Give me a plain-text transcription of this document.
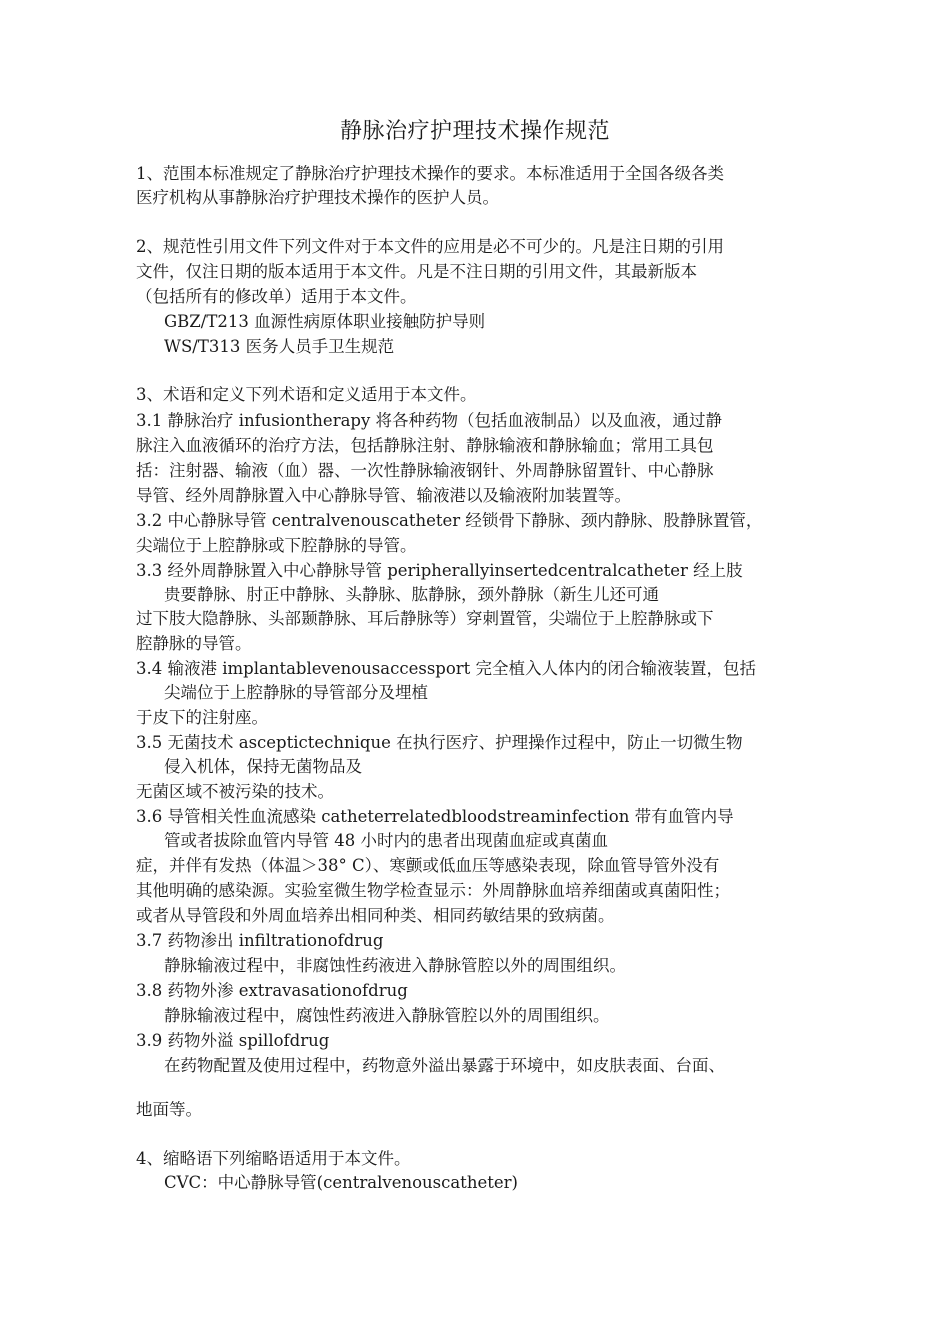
静脉治疗护理技术操作规范
1、范围本标准规定了静脉治疗护理技术操作的要求。本标准适用于全国各级各类
医疗机构从事静脉治疗护理技术操作的医护人员。
2、规范性引用文件下列文件对于本文件的应用是必不可少的。凡是注日期的引用
文件，仅注日期的版本适用于本文件。凡是不注日期的引用文件，其最新版本
（包括所有的修改单）适用于本文件。
GBZ/T213 血源性病原体职业接触防护导则
WS/T313 医务人员手卫生规范
3、术语和定义下列术语和定义适用于本文件。
3.1 静脉治疗 infusiontherapy 将各种药物（包括血液制品）以及血液，通过静
脉注入血液循环的治疗方法，包括静脉注射、静脉输液和静脉输血；常用工具包
括：注射器、输液（血）器、一次性静脉输液钢针、外周静脉留置针、中心静脉
导管、经外周静脉置入中心静脉导管、输液港以及输液附加装置等。
3.2 中心静脉导管 centralvenouscatheter 经锁骨下静脉、颈内静脉、股静脉置管，
尖端位于上腔静脉或下腔静脉的导管。
3.3 经外周静脉置入中心静脉导管 peripherallyinsertedcentralcatheter 经上肢
贵要静脉、肘正中静脉、头静脉、肱静脉，颈外静脉（新生儿还可通
过下肢大隐静脉、头部颞静脉、耳后静脉等）穿刺置管，尖端位于上腔静脉或下
腔静脉的导管。
3.4 输液港 implantablevenousaccessport 完全植入人体内的闭合输液装置，包括
尖端位于上腔静脉的导管部分及埋植
于皮下的注射座。
3.5 无菌技术 asceptictechnique 在执行医疗、护理操作过程中，防止一切微生物
侵入机体，保持无菌物品及
无菌区域不被污染的技术。
3.6 导管相关性血流感染 catheterrelatedbloodstreaminfection 带有血管内导
管或者拔除血管内导管 48 小时内的患者出现菌血症或真菌血
症，并伴有发热（体温＞38° C）、寒颤或低血压等感染表现，除血管导管外没有
其他明确的感染源。实验室微生物学检查显示：外周静脉血培养细菌或真菌阳性；
或者从导管段和外周血培养出相同种类、相同药敏结果的致病菌。
3.7 药物渗出 infiltrationofdrug
静脉输液过程中，非腐蚀性药液进入静脉管腔以外的周围组织。
3.8 药物外渗 extravasationofdrug
静脉输液过程中，腐蚀性药液进入静脉管腔以外的周围组织。
3.9 药物外溢 spillofdrug
在药物配置及使用过程中，药物意外溢出暴露于环境中，如皮肤表面、台面、
地面等。
4、缩略语下列缩略语适用于本文件。
CVC：中心静脉导管(centralvenouscatheter)
